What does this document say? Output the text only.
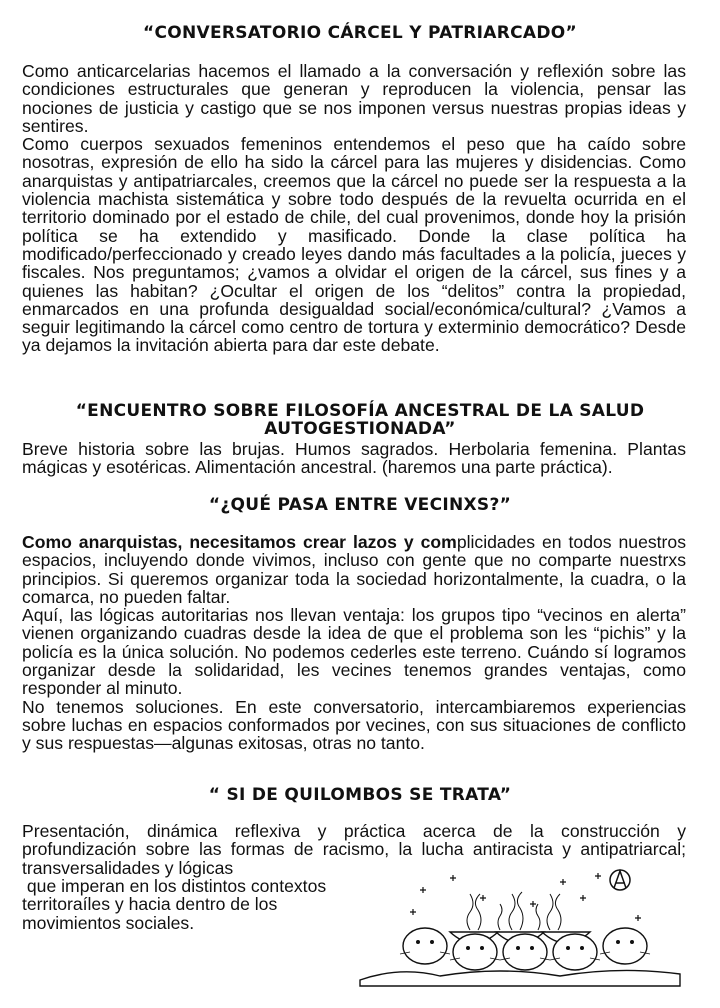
“CONVERSATORIO CÁRCEL Y PATRIARCADO”

Como anticarcelarias hacemos el llamado a la conversación y reflexión sobre las condiciones estructurales que generan y reproducen la violencia, pensar las nociones de justicia y castigo que se nos imponen versus nuestras propias ideas y sentires.

Como cuerpos sexuados femeninos entendemos el peso que ha caído sobre nosotras, expresión de ello ha sido la cárcel para las mujeres y disidencias. Como anarquistas y antipatriarcales, creemos que la cárcel no puede ser la respuesta a la violencia machista sistemática y sobre todo después de la revuelta ocurrida en el territorio dominado por el estado de chile, del cual provenimos, donde hoy la prisión política se ha extendido y masificado. Donde la clase política ha modificado/perfeccionado y creado leyes dando más facultades a la policía, jueces y fiscales. Nos preguntamos; ¿vamos a olvidar el origen de la cárcel, sus fines y a quienes las habitan? ¿Ocultar el origen de los “delitos” contra la propiedad, enmarcados en una profunda desigualdad social/económica/cultural? ¿Vamos a seguir legitimando la cárcel como centro de tortura y exterminio democrático? Desde ya dejamos la invitación abierta para dar este debate.

“ENCUENTRO SOBRE FILOSOFÍA ANCESTRAL DE LA SALUD
AUTOGESTIONADA”

Breve historia sobre las brujas. Humos sagrados. Herbolaria femenina. Plantas mágicas y esotéricas. Alimentación ancestral. (haremos una parte práctica).

“¿QUÉ PASA ENTRE VECINXS?”

Como anarquistas, necesitamos crear lazos y complicidades en todos nuestros espacios, incluyendo donde vivimos, incluso con gente que no comparte nuestrxs principios. Si queremos organizar toda la sociedad horizontalmente, la cuadra, o la comarca, no pueden faltar.

Aquí, las lógicas autoritarias nos llevan ventaja: los grupos tipo “vecinos en alerta” vienen organizando cuadras desde la idea de que el problema son les “pichis” y la policía es la única solución. No podemos cederles este terreno. Cuándo sí logramos organizar desde la solidaridad, les vecines tenemos grandes ventajas, como responder al minuto.

No tenemos soluciones. En este conversatorio, intercambiaremos experiencias sobre luchas en espacios conformados por vecines, con sus situaciones de conflicto y sus respuestas—algunas exitosas, otras no tanto.

“ SI DE QUILOMBOS SE TRATA”

Presentación, dinámica reflexiva y práctica acerca de la construcción y profundización sobre las formas de racismo, la lucha antiracista y antipatriarcal; transversalidades y lógicas

que imperan en los distintos contextos
territoraíles y hacia dentro de los
movimientos sociales.
